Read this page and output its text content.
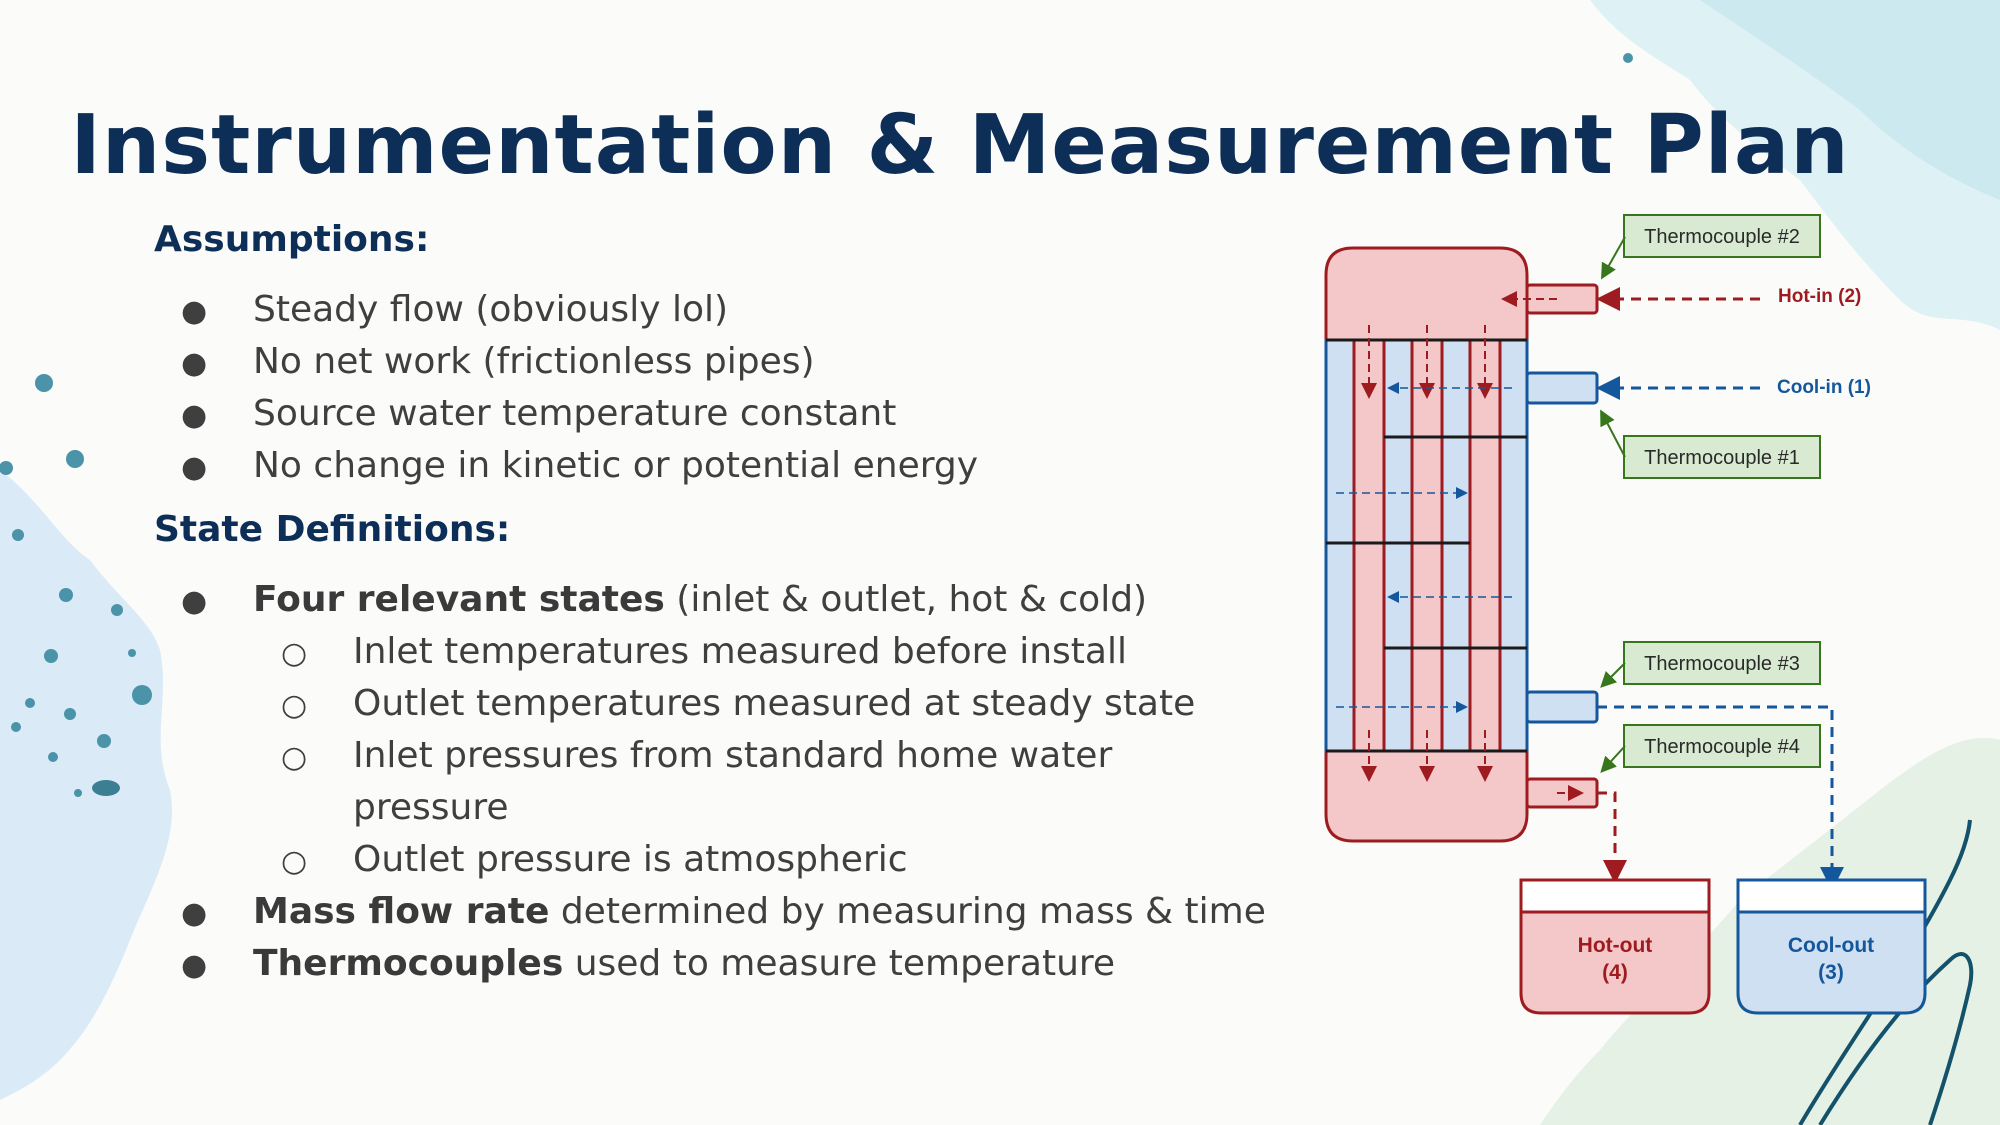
Instrumentation & Measurement Plan
Assumptions:
● Steady flow (obviously lol)
● No net work (frictionless pipes)
● Source water temperature constant
● No change in kinetic or potential energy
State Definitions:
● Four relevant states (inlet & outlet, hot & cold)
○ Inlet temperatures measured before install
○ Outlet temperatures measured at steady state
○ Inlet pressures from standard home water
pressure
○ Outlet pressure is atmospheric
● Mass flow rate determined by measuring mass & time
● Thermocouples used to measure temperature
Hot-in (2)
Cool-in (1)
Hot-out
(4)
Cool-out
(3)
Thermocouple #2
Thermocouple #1
Thermocouple #3
Thermocouple #4
